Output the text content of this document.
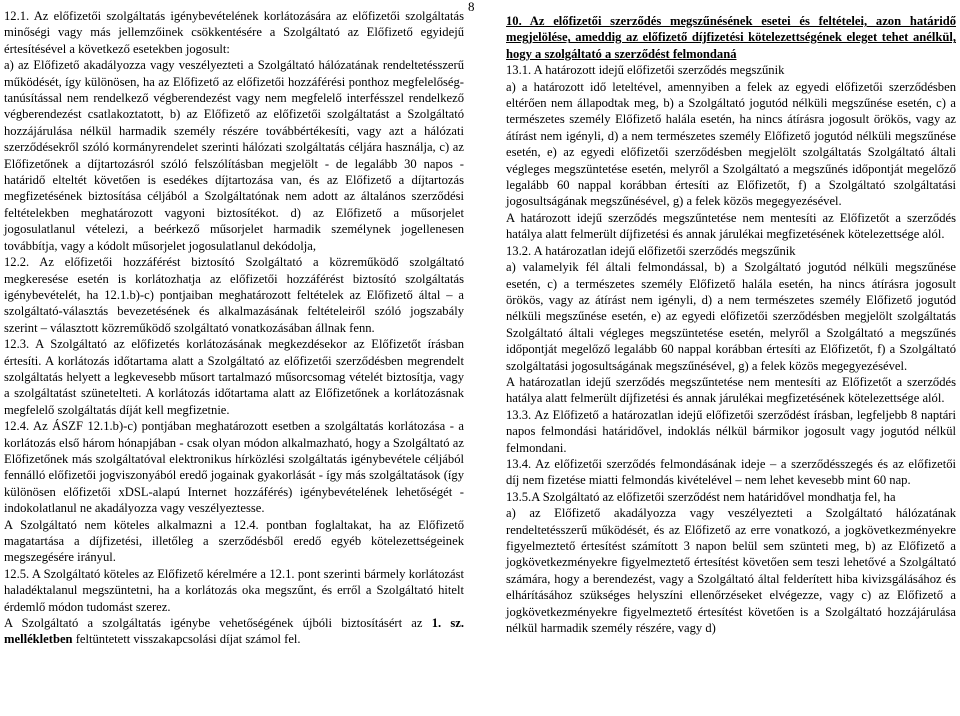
8

12.1. Az előfizetői szolgáltatás igénybevételének korlátozására az előfizetői szolgáltatás minőségi vagy más jellemzőinek csökkentésére a Szolgáltató az Előfizető egyidejű értesítésével a következő esetekben jogosult:

a) az Előfizető akadályozza vagy veszélyezteti a Szolgáltató hálózatának rendeltetésszerű működését, így különösen, ha az Előfizető az előfizetői hozzáférési ponthoz megfelelőség-tanúsítással nem rendelkező végberendezést vagy nem megfelelő interfésszel rendelkező végberendezést csatlakoztatott, b) az Előfizető az előfizetői szolgáltatást a Szolgáltató hozzájárulása nélkül harmadik személy részére továbbértékesíti, vagy azt a hálózati szerződésekről szóló kormányrendelet szerinti hálózati szolgáltatás céljára használja, c) az Előfizetőnek a díjtartozásról szóló felszólításban megjelölt - de legalább 30 napos - határidő elteltét követően is esedékes díjtartozása van, és az Előfizető a díjtartozás megfizetésének biztosítása céljából a Szolgáltatónak nem adott az általános szerződési feltételekben meghatározott vagyoni biztosítékot. d) az Előfizető a műsorjelet jogosulatlanul vételezi, a beérkező műsorjelet harmadik személynek jogellenesen továbbítja, vagy a kódolt műsorjelet jogosulatlanul dekódolja,

12.2. Az előfizetői hozzáférést biztosító Szolgáltató a közreműködő szolgáltató megkeresése esetén is korlátozhatja az előfizetői hozzáférést biztosító szolgáltatás igénybevételét, ha 12.1.b)-c) pontjaiban meghatározott feltételek az Előfizető által – a szolgáltató-választás bevezetésének és alkalmazásának feltételeiről szóló jogszabály szerint – választott közreműködő szolgáltató vonatkozásában állnak fenn.

12.3. A Szolgáltató az előfizetés korlátozásának megkezdésekor az Előfizetőt írásban értesíti. A korlátozás időtartama alatt a Szolgáltató az előfizetői szerződésben megrendelt szolgáltatás helyett a legkevesebb műsort tartalmazó műsorcsomag vételét biztosítja, vagy a szolgáltatást szünetelteti. A korlátozás időtartama alatt az Előfizetőnek a korlátozásnak megfelelő szolgáltatás díját kell megfizetnie.

12.4. Az ÁSZF 12.1.b)-c) pontjában meghatározott esetben a szolgáltatás korlátozása - a korlátozás első három hónapjában - csak olyan módon alkalmazható, hogy a Szolgáltató az Előfizetőnek más szolgáltatóval elektronikus hírközlési szolgáltatás igénybevétele céljából fennálló előfizetői jogviszonyából eredő jogainak gyakorlását - így más szolgáltatások (így különösen előfizetői xDSL-alapú Internet hozzáférés) igénybevételének lehetőségét - indokolatlanul ne akadályozza vagy veszélyeztesse.

A Szolgáltató nem köteles alkalmazni a 12.4. pontban foglaltakat, ha az Előfizető magatartása a díjfizetési, illetőleg a szerződésből eredő egyéb kötelezettségeinek megszegésére irányul.

12.5. A Szolgáltató köteles az Előfizető kérelmére a 12.1. pont szerinti bármely korlátozást haladéktalanul megszüntetni, ha a korlátozás oka megszűnt, és erről a Szolgáltató hitelt érdemlő módon tudomást szerez.

A Szolgáltató a szolgáltatás igénybe vehetőségének újbóli biztosításért az 1. sz. mellékletben feltüntetett visszakapcsolási díjat számol fel.

10. Az előfizetői szerződés megszűnésének esetei és feltételei, azon határidő megjelölése, ameddig az előfizető díjfizetési kötelezettségének eleget tehet anélkül, hogy a szolgáltató a szerződést felmondaná

13.1. A határozott idejű előfizetői szerződés megszűnik

a) a határozott idő leteltével, amennyiben a felek az egyedi előfizetői szerződésben eltérően nem állapodtak meg, b) a Szolgáltató jogutód nélküli megszűnése esetén, c) a természetes személy Előfizető halála esetén, ha nincs átírásra jogosult örökös, vagy az átírást nem igényli, d) a nem természetes személy Előfizető jogutód nélküli megszűnése esetén, e) az egyedi előfizetői szerződésben megjelölt szolgáltatás Szolgáltató általi végleges megszüntetése esetén, melyről a Szolgáltató a megszűnés időpontját megelőző legalább 60 nappal korábban értesíti az Előfizetőt, f) a Szolgáltató szolgáltatási jogosultságának megszűnésével, g) a felek közös megegyezésével.

A határozott idejű szerződés megszűntetése nem mentesíti az Előfizetőt a szerződés hatálya alatt felmerült díjfizetési és annak járulékai megfizetésének kötelezettsége alól.

13.2. A határozatlan idejű előfizetői szerződés megszűnik

a) valamelyik fél általi felmondással, b) a Szolgáltató jogutód nélküli megszűnése esetén, c) a természetes személy Előfizető halála esetén, ha nincs átírásra jogosult örökös, vagy az átírást nem igényli, d) a nem természetes személy Előfizető jogutód nélküli megszűnése esetén, e) az egyedi előfizetői szerződésben megjelölt szolgáltatás Szolgáltató általi végleges megszüntetése esetén, melyről a Szolgáltató a megszűnés időpontját megelőző legalább 60 nappal korábban értesíti az Előfizetőt, f) a Szolgáltató szolgáltatási jogosultságának megszűnésével, g) a felek közös megegyezésével.

A határozatlan idejű szerződés megszűntetése nem mentesíti az Előfizetőt a szerződés hatálya alatt felmerült díjfizetési és annak járulékai megfizetésének kötelezettsége alól.

13.3. Az Előfizető a határozatlan idejű előfizetői szerződést írásban, legfeljebb 8 naptári napos felmondási határidővel, indoklás nélkül bármikor jogosult vagy jogutód nélkül felmondani.

13.4. Az előfizetői szerződés felmondásának ideje – a szerződésszegés és az előfizetői díj nem fizetése miatti felmondás kivételével – nem lehet kevesebb mint 60 nap.

13.5.A Szolgáltató az előfizetői szerződést nem határidővel mondhatja fel, ha

a) az Előfizető akadályozza vagy veszélyezteti a Szolgáltató hálózatának rendeltetésszerű működését, és az Előfizető az erre vonatkozó, a jogkövetkezményekre figyelmeztető értesítést számított 3 napon belül sem szünteti meg, b) az Előfizető a jogkövetkezményekre figyelmeztető értesítést követően sem teszi lehetővé a Szolgáltató számára, hogy a berendezést, vagy a Szolgáltató által felderített hiba kivizsgálásához és elhárításához szükséges helyszíni ellenőrzéseket elvégezze, vagy c) az Előfizető a jogkövetkezményekre figyelmeztető értesítést követően is a Szolgáltató hozzájárulása nélkül harmadik személy részére, vagy d)
